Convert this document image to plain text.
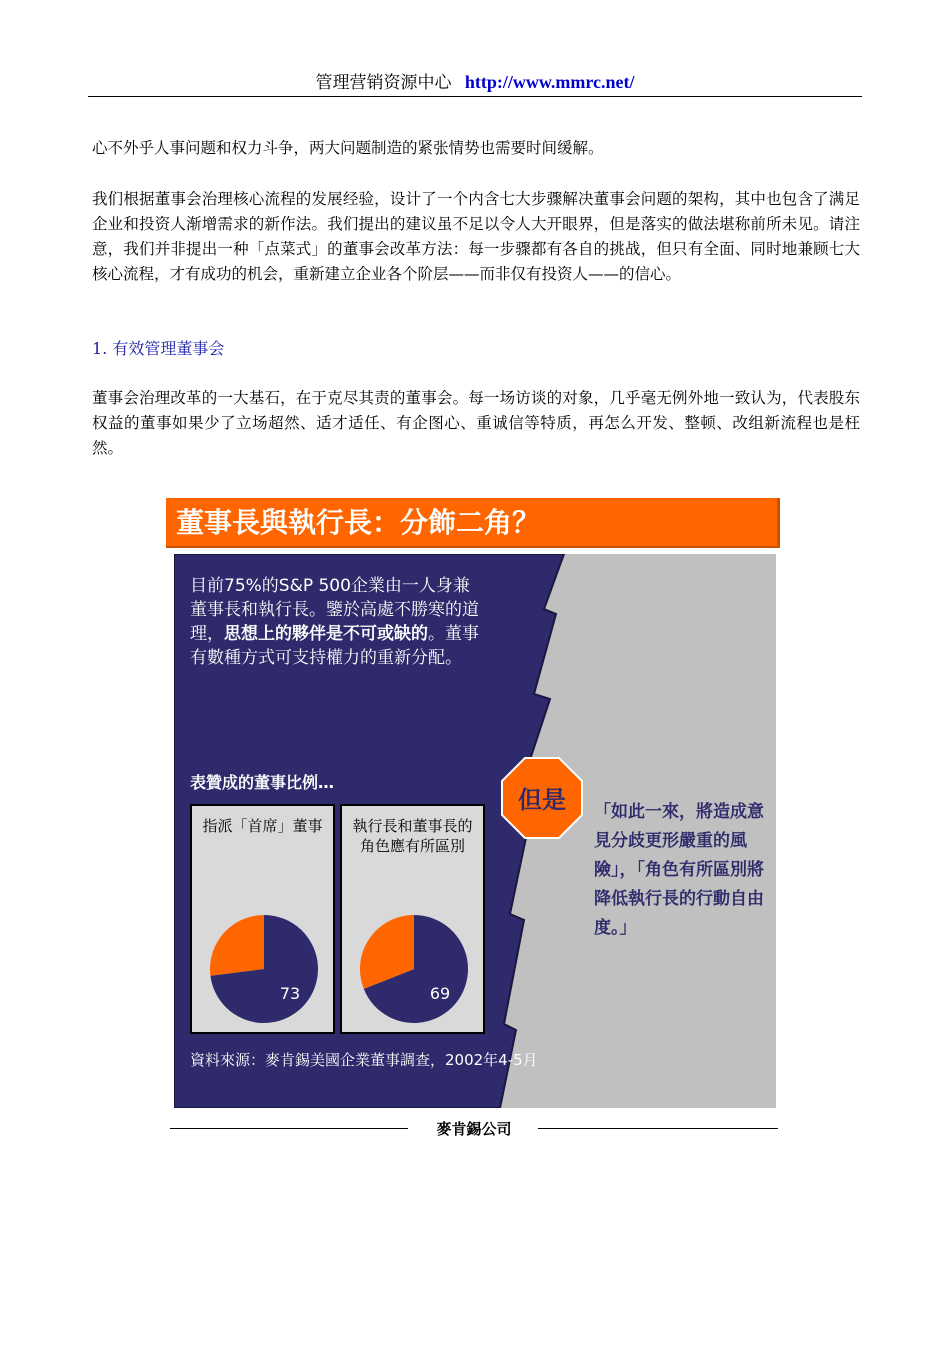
管理营销资源中心 http://www.mmrc.net/

心不外乎人事问题和权力斗争，两大问题制造的紧张情势也需要时间缓解。

我们根据董事会治理核心流程的发展经验，设计了一个内含七大步骤解决董事会问题的架构，其中也包含了满足企业和投资人渐增需求的新作法。我们提出的建议虽不足以令人大开眼界，但是落实的做法堪称前所未见。请注意，我们并非提出一种「点菜式」的董事会改革方法：每一步骤都有各自的挑战，但只有全面、同时地兼顾七大核心流程，才有成功的机会，重新建立企业各个阶层——而非仅有投资人——的信心。

1. 有效管理董事会

董事会治理改革的一大基石，在于克尽其责的董事会。每一场访谈的对象，几乎毫无例外地一致认为，代表股东权益的董事如果少了立场超然、适才适任、有企图心、重诚信等特质，再怎么开发、整顿、改组新流程也是枉然。

董事長與執行長：分飾二角？

目前75%的S&P 500企業由一人身兼董事長和執行長。鑒於高處不勝寒的道理，思想上的夥伴是不可或缺的。董事有數種方式可支持權力的重新分配。

表贊成的董事比例…
指派「首席」董事
73
執行長和董事長的角色應有所區別
69
資料來源：麥肯錫美國企業董事調查，2002年4-5月
但是 「如此一來，將造成意見分歧更形嚴重的風險」，「角色有所區別將降低執行長的行動自由度。」

麥肯錫公司
